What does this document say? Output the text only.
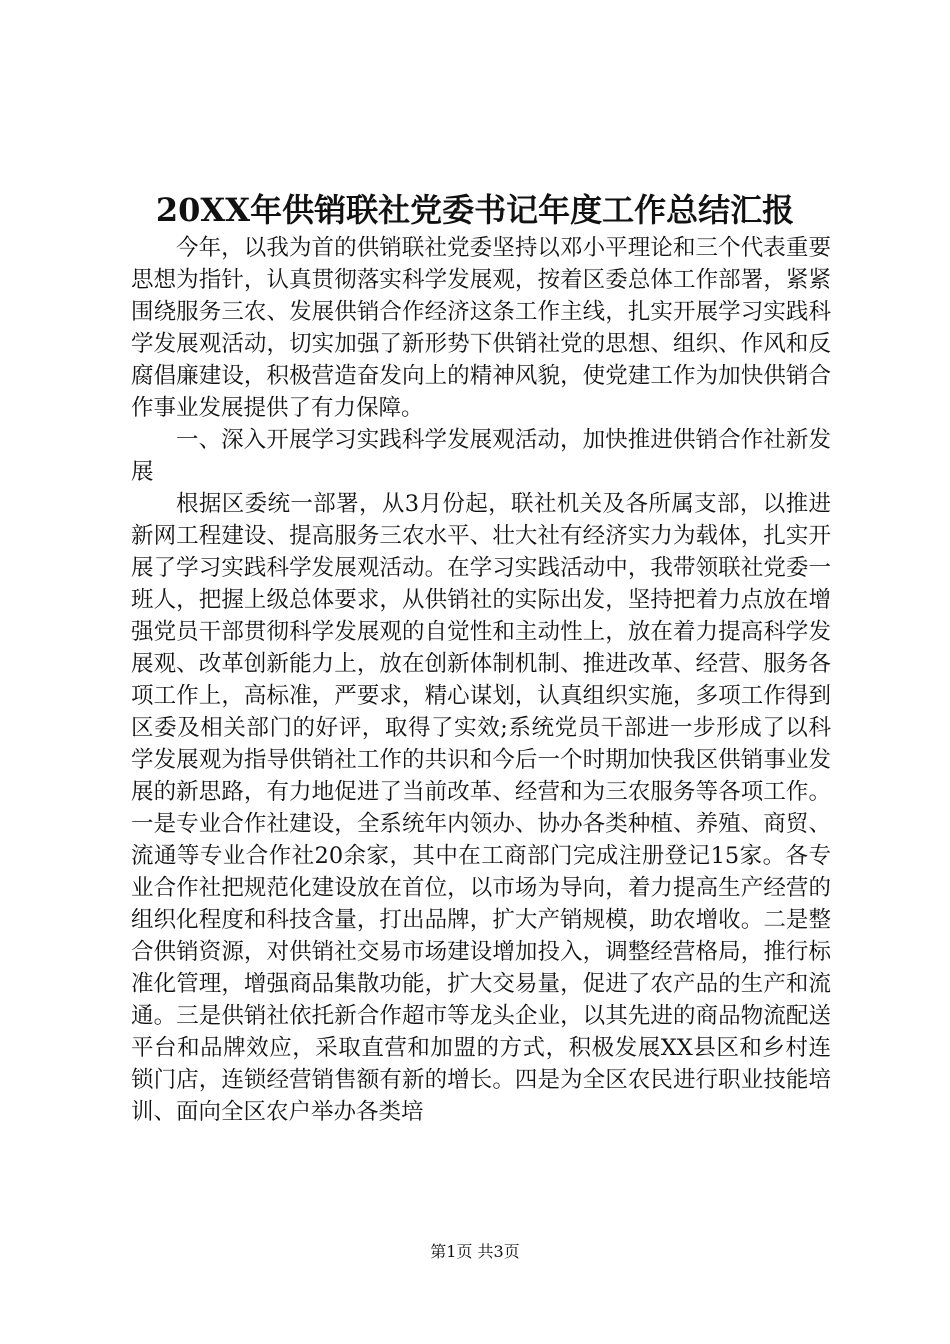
20XX年供销联社党委书记年度工作总结汇报

今年，以我为首的供销联社党委坚持以邓小平理论和三个代表重要思想为指针，认真贯彻落实科学发展观，按着区委总体工作部署，紧紧围绕服务三农、发展供销合作经济这条工作主线，扎实开展学习实践科学发展观活动，切实加强了新形势下供销社党的思想、组织、作风和反腐倡廉建设，积极营造奋发向上的精神风貌，使党建工作为加快供销合作事业发展提供了有力保障。

一、深入开展学习实践科学发展观活动，加快推进供销合作社新发展

根据区委统一部署，从3月份起，联社机关及各所属支部，以推进新网工程建设、提高服务三农水平、壮大社有经济实力为载体，扎实开展了学习实践科学发展观活动。在学习实践活动中，我带领联社党委一班人，把握上级总体要求，从供销社的实际出发，坚持把着力点放在增强党员干部贯彻科学发展观的自觉性和主动性上，放在着力提高科学发展观、改革创新能力上，放在创新体制机制、推进改革、经营、服务各项工作上，高标准，严要求，精心谋划，认真组织实施，多项工作得到区委及相关部门的好评，取得了实效;系统党员干部进一步形成了以科学发展观为指导供销社工作的共识和今后一个时期加快我区供销事业发展的新思路，有力地促进了当前改革、经营和为三农服务等各项工作。一是专业合作社建设，全系统年内领办、协办各类种植、养殖、商贸、流通等专业合作社20余家，其中在工商部门完成注册登记15家。各专业合作社把规范化建设放在首位，以市场为导向，着力提高生产经营的组织化程度和科技含量，打出品牌，扩大产销规模，助农增收。二是整合供销资源，对供销社交易市场建设增加投入，调整经营格局，推行标准化管理，增强商品集散功能，扩大交易量，促进了农产品的生产和流通。三是供销社依托新合作超市等龙头企业，以其先进的商品物流配送平台和品牌效应，采取直营和加盟的方式，积极发展XX县区和乡村连锁门店，连锁经营销售额有新的增长。四是为全区农民进行职业技能培训、面向全区农户举办各类培

第1页 共3页
